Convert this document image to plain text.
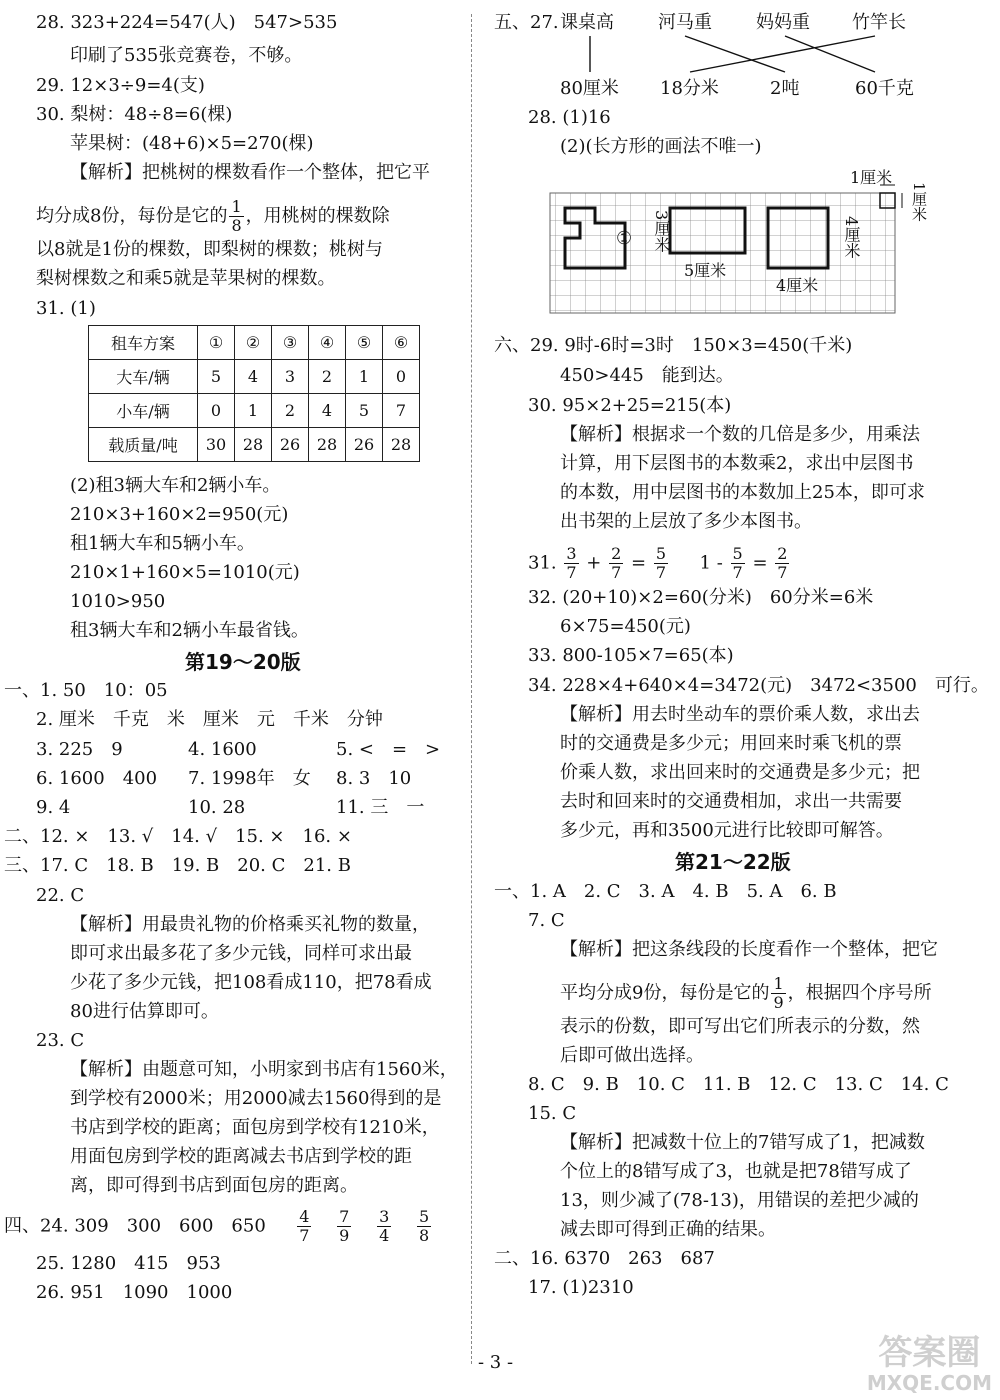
28. 323+224=547(人)　547>535
印刷了535张竞赛卷，不够。
29. 12×3÷9=4(支)
30. 梨树：48÷8=6(棵)
苹果树：(48+6)×5=270(棵)
【解析】把桃树的棵数看作一个整体，把它平
均分成8份，每份是它的 $\frac{1}{8}$ ，用桃树的棵数除
以8就是1份的棵数，即梨树的棵数；桃树与
梨树棵数之和乘5就是苹果树的棵数。
31. (1)
租车方案	①	②	③	④	⑤	⑥
大车/辆	5	4	3	2	1	0
小车/辆	0	1	2	4	5	7
载质量/吨	30	28	26	28	26	28
(2)租3辆大车和2辆小车。
210×3+160×2=950(元)
租1辆大车和5辆小车。
210×1+160×5=1010(元)
1010>950
租3辆大车和2辆小车最省钱。
第19～20版
一、1. 50　10：05
2. 厘米　千克　米　厘米　元　千米　分钟
3. 225　9	4. 1600	5. <　=　>
6. 1600　400 7. 1998年　女 8. 3　10
9. 4	10. 28	11. 三　一
二、12. ×　13. √　14. √　15. ×　16. ×
三、17. C　18. B　19. B　20. C　21. B
22. C
【解析】用最贵礼物的价格乘买礼物的数量，
即可求出最多花了多少元钱，同样可求出最
少花了多少元钱，把108看成110，把78看成
80进行估算即可。
23. C
【解析】由题意可知，小明家到书店有1560米，
到学校有2000米；用2000减去1560得到的是
书店到学校的距离；面包房到学校有1210米，
用面包房到学校的距离减去书店到学校的距
离，即可得到书店到面包房的距离。
四、24. 309　300　600　$650 \frac{4}{7}$
$\frac{7}{9}$
$\frac{3}{4}$
$\frac{5}{8}$
25. 1280　415　953
26. 951　1090　1000
五、27. 课桌高 河马重 妈妈重 竹竿长
80厘米 18分米	2吨	60千克
28. (1)16
(2)(长方形的画法不唯一)
1厘米
1厘米
① 3厘米
5厘米
4厘米
4厘米
六、29. 9时-6时=3时　150×3=450(千米)
450>445　能到达。
30. 95×2+25=215(本)
【解析】根据求一个数的几倍是多少，用乘法
计算，用下层图书的本数乘2，求出中层图书
的本数，用中层图书的本数加上25本，即可求
出书架的上层放了多少本图书。
31. $\frac{3}{7} + \frac{2}{7} = \frac{5}{7} 1 - \frac{5}{7} = \frac{2}{7}$
32. (20+10)×2=60(分米)　60分米=6米
6×75=450(元)
33. 800-105×7=65(本)
34. 228×4+640×4=3472(元)　3472<3500　可行。
【解析】用去时坐动车的票价乘人数，求出去
时的交通费是多少元；用回来时乘飞机的票
价乘人数，求出回来时的交通费是多少元；把
去时和回来时的交通费相加，求出一共需要
多少元，再和3500元进行比较即可解答。
第21～22版
一、1. A　2. C　3. A　4. B　5. A　6. B
7. C
【解析】把这条线段的长度看作一个整体，把它
平均分成9份，每份是它的 $\frac{1}{9}$ ，根据四个序号所
表示的份数，即可写出它们所表示的分数，然
后即可做出选择。
8. C　9. B　10. C　11. B　12. C　13. C　14. C
15. C
【解析】把减数十位上的7错写成了1，把减数
个位上的8错写成了3，也就是把78错写成了
13，则少减了(78-13)，用错误的差把少减的
减去即可得到正确的结果。
二、16. 6370　263　687
17. (1)2310
- 3 -	答案圈
MXQE.COM
